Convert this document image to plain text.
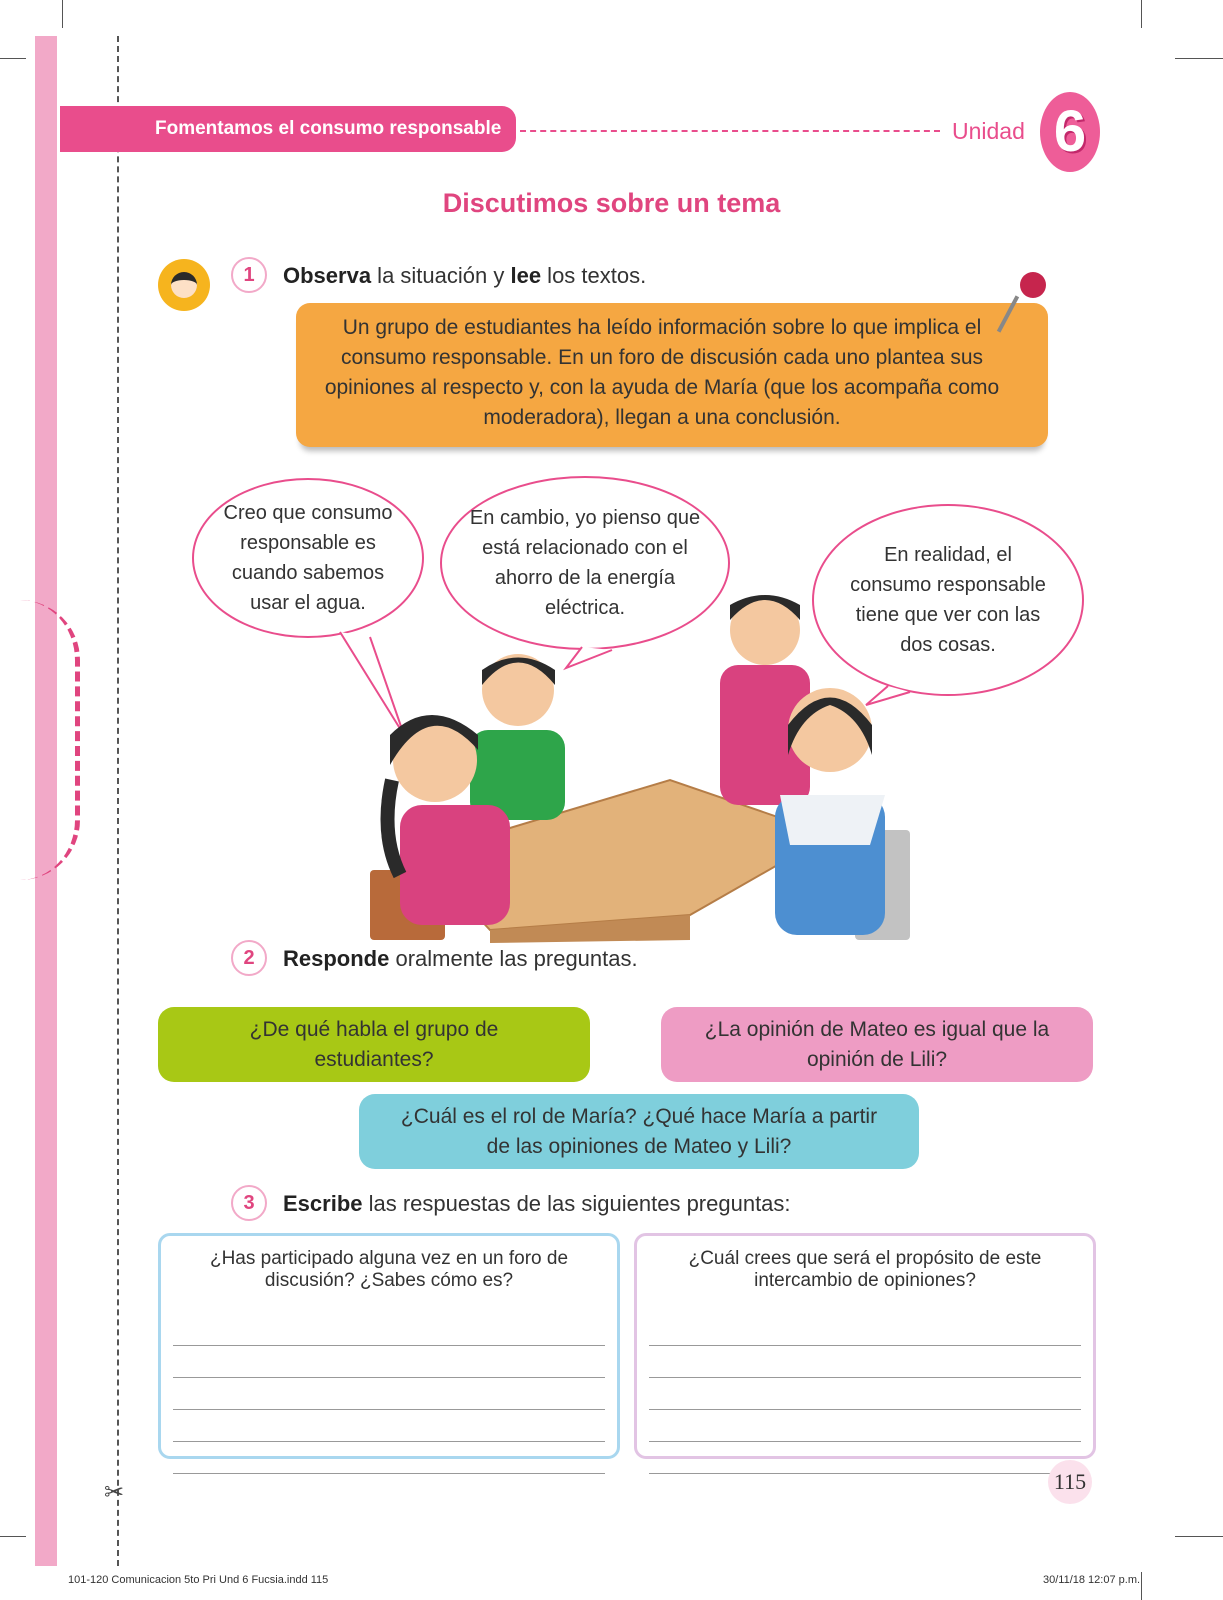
✂
Fomentamos el consumo responsable	Unidad 6
Discutimos sobre un tema
1	Observa la situación y lee los textos.
Un grupo de estudiantes ha leído información sobre lo que implica el consumo responsable. En un foro de discusión cada uno plantea sus opiniones al respecto y, con la ayuda de María (que los acompaña como moderadora), llegan a una conclusión.
Creo que consumo responsable es cuando sabemos usar el agua.
En cambio, yo pienso que está relacionado con el ahorro de la energía eléctrica.
En realidad, el consumo responsable tiene que ver con las dos cosas.
2	Responde oralmente las preguntas.
¿De qué habla el grupo de estudiantes?
¿La opinión de Mateo es igual que la opinión de Lili?
¿Cuál es el rol de María? ¿Qué hace María a partir de las opiniones de Mateo y Lili?
3	Escribe las respuestas de las siguientes preguntas:
¿Has participado alguna vez en un foro de discusión? ¿Sabes cómo es?
¿Cuál crees que será el propósito de este intercambio de opiniones?
115
101-120 Comunicacion 5to Pri Und 6 Fucsia.indd 115	30/11/18 12:07 p.m.
